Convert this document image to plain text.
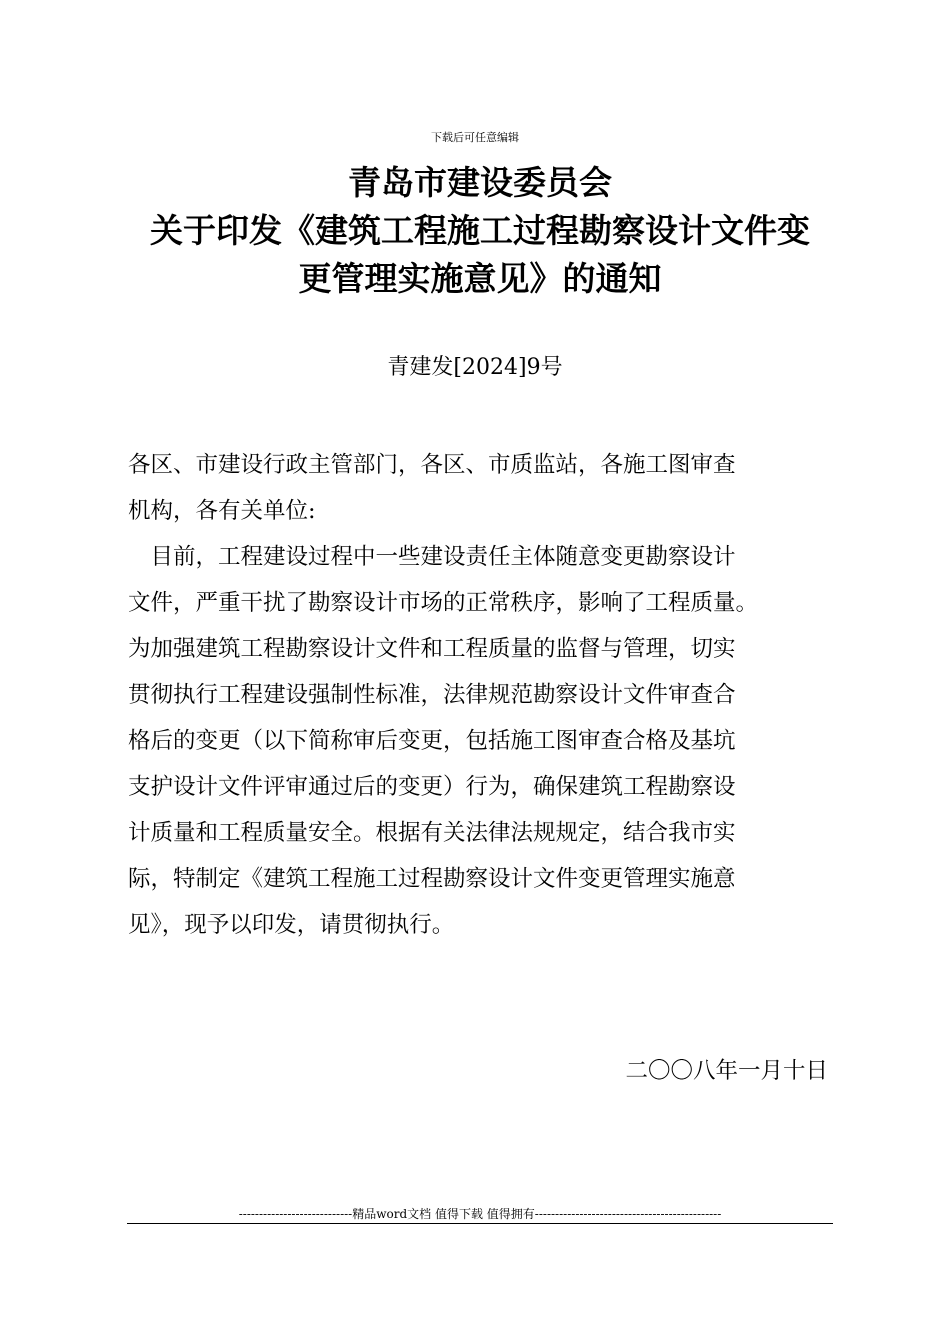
下载后可任意编辑
青岛市建设委员会
关于印发《建筑工程施工过程勘察设计文件变
更管理实施意见》的通知
青建发[2024]9号
各区、市建设行政主管部门，各区、市质监站，各施工图审查
机构，各有关单位:
　目前，工程建设过程中一些建设责任主体随意变更勘察设计
文件，严重干扰了勘察设计市场的正常秩序，影响了工程质量。
为加强建筑工程勘察设计文件和工程质量的监督与管理，切实
贯彻执行工程建设强制性标准，法律规范勘察设计文件审查合
格后的变更（以下简称审后变更，包括施工图审查合格及基坑
支护设计文件评审通过后的变更）行为，确保建筑工程勘察设
计质量和工程质量安全。根据有关法律法规规定，结合我市实
际，特制定《建筑工程施工过程勘察设计文件变更管理实施意
见》，现予以印发，请贯彻执行。
二〇〇八年一月十日
----------------------------精品word文档 值得下载 值得拥有----------------------------------------------
